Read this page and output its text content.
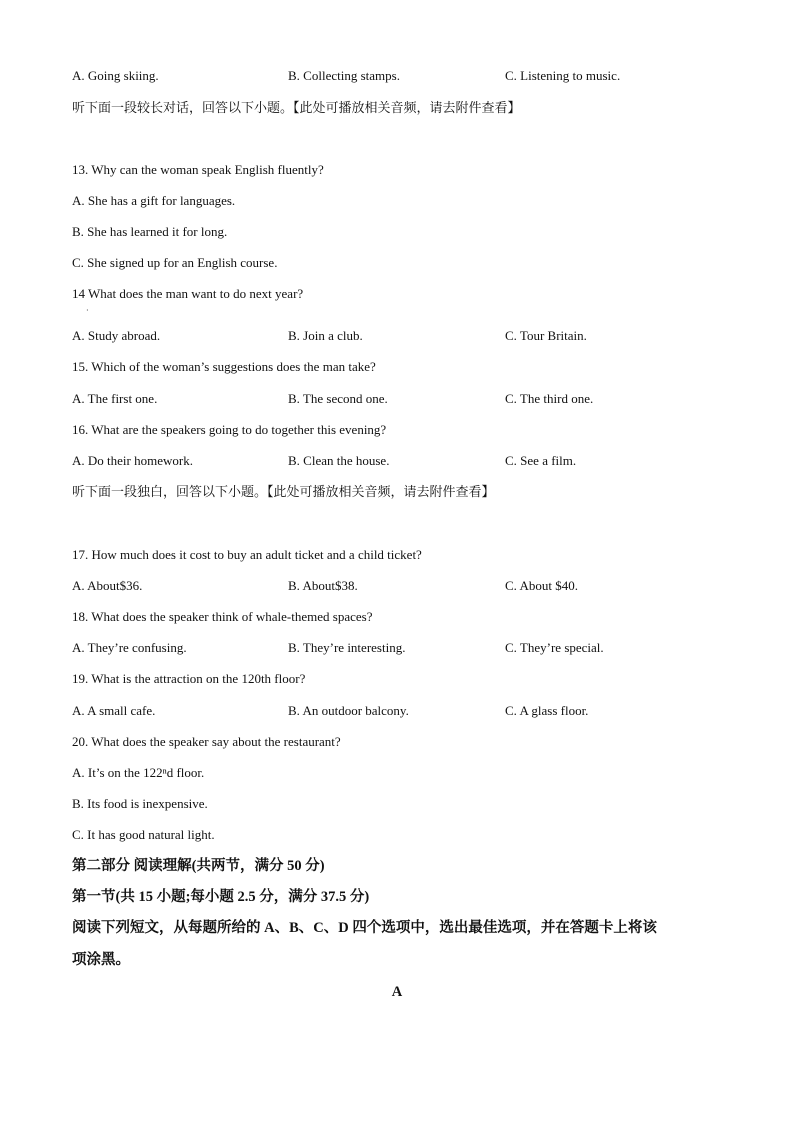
A. Going skiing.	B. Collecting stamps.	C. Listening to music.
听下面一段较长对话，回答以下小题。【此处可播放相关音频，请去附件查看】
13. Why can the woman speak English fluently?
A. She has a gift for languages.
B. She has learned it for long.
C. She signed up for an English course.
14 What does the man want to do next year?
·
A. Study abroad.	B. Join a club.	C. Tour Britain.
15. Which of the woman’s suggestions does the man take?
A. The first one.	B. The second one.	C. The third one.
16. What are the speakers going to do together this evening?
A. Do their homework.	B. Clean the house.	C. See a film.
听下面一段独白，回答以下小题。【此处可播放相关音频，请去附件查看】
17. How much does it cost to buy an adult ticket and a child ticket?
A. About$36.	B. About$38.	C. About $40.
18. What does the speaker think of whale-themed spaces?
A. They’re confusing.	B. They’re interesting.	C. They’re special.
19. What is the attraction on the 120th floor?
A. A small cafe.	B. An outdoor balcony.	C. A glass floor.
20. What does the speaker say about the restaurant?
A. It’s on the 122ⁿd floor.
B. Its food is inexpensive.
C. It has good natural light.
第二部分 阅读理解(共两节，满分 50 分)
第一节(共 15 小题;每小题 2.5 分，满分 37.5 分)
阅读下列短文，从每题所给的 A、B、C、D 四个选项中，选出最佳选项，并在答题卡上将该
项涂黑。
A
